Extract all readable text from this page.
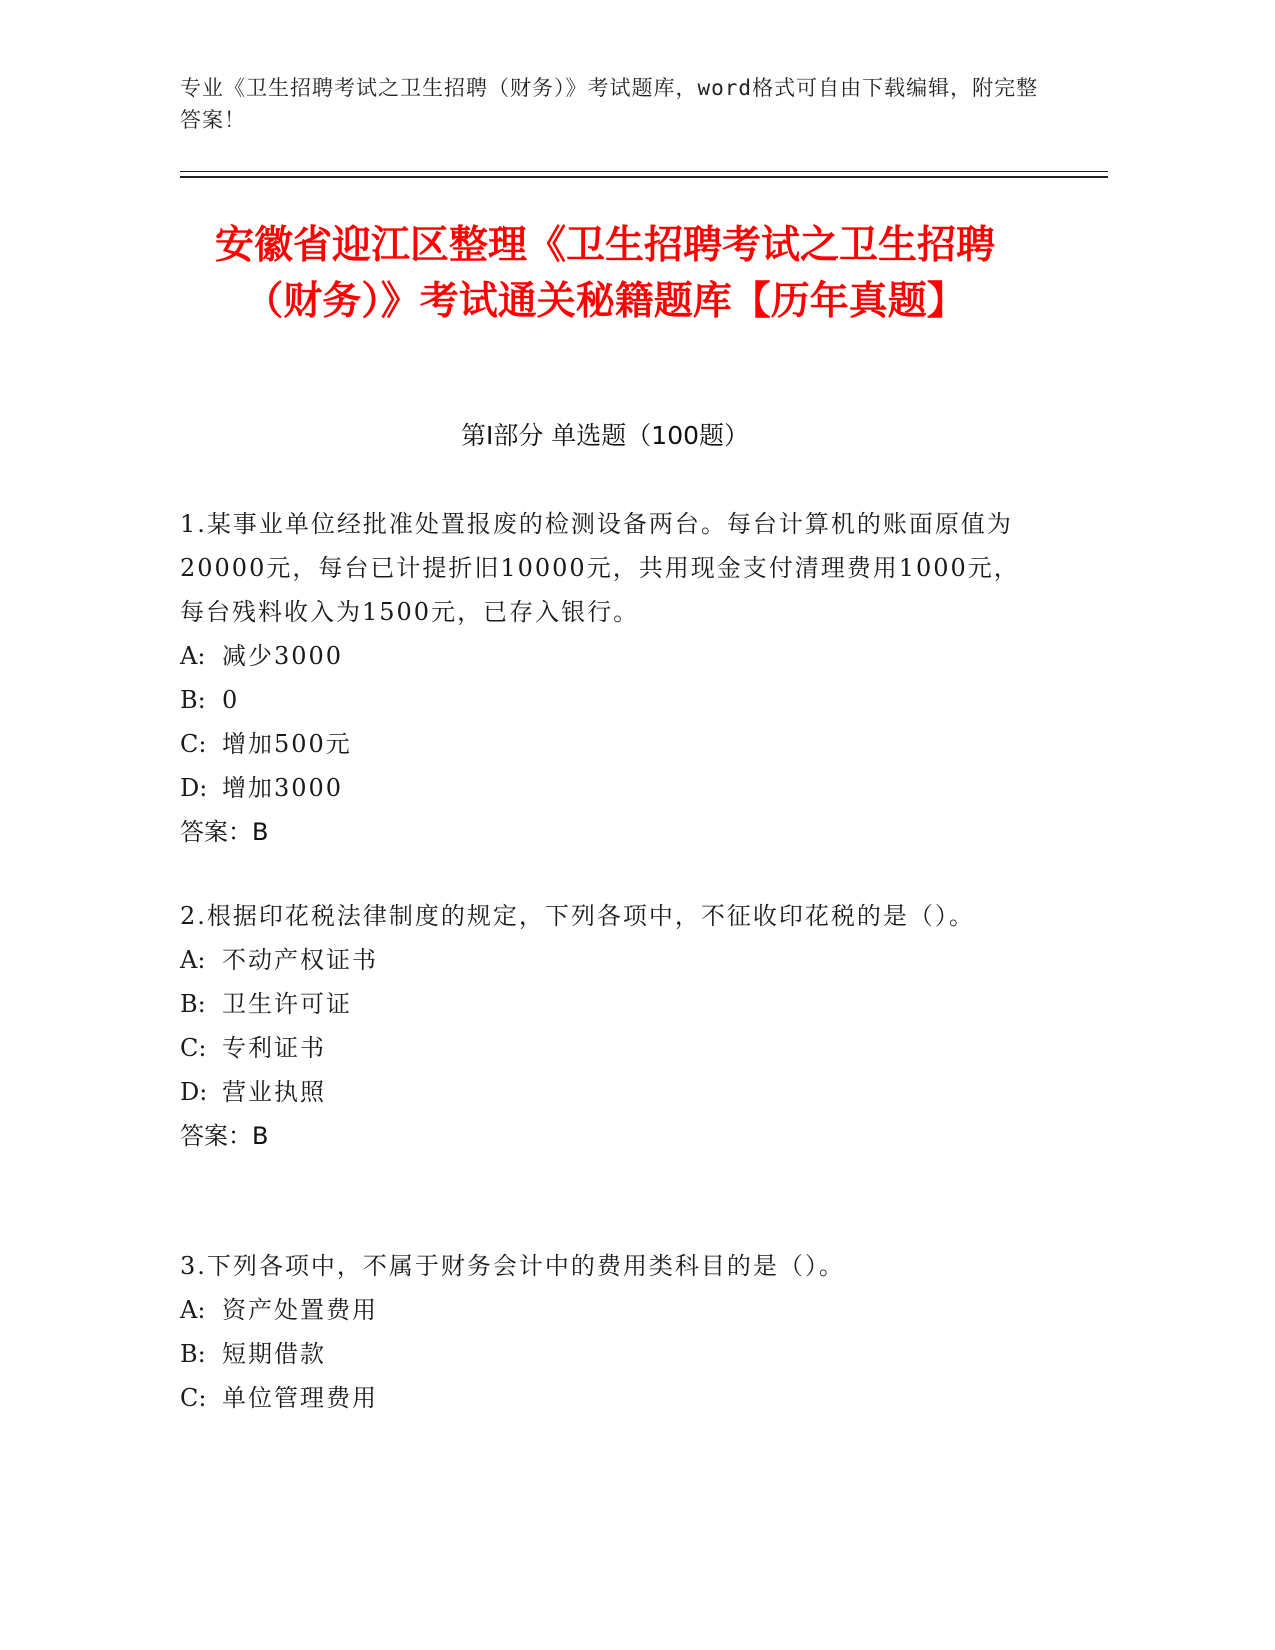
专业《卫生招聘考试之卫生招聘（财务）》考试题库，word格式可自由下载编辑，附完整答案！
安徽省迎江区整理《卫生招聘考试之卫生招聘（财务）》考试通关秘籍题库【历年真题】
第I部分 单选题（100题）

1.某事业单位经批准处置报废的检测设备两台。每台计算机的账面原值为20000元，每台已计提折旧10000元，共用现金支付清理费用1000元，每台残料收入为1500元，已存入银行。

A: 减少3000

B: 0

C: 增加500元

D: 增加3000

答案：B

2.根据印花税法律制度的规定，下列各项中，不征收印花税的是（）。

A: 不动产权证书

B: 卫生许可证

C: 专利证书

D: 营业执照

答案：B

3.下列各项中，不属于财务会计中的费用类科目的是（）。

A: 资产处置费用

B: 短期借款

C: 单位管理费用
